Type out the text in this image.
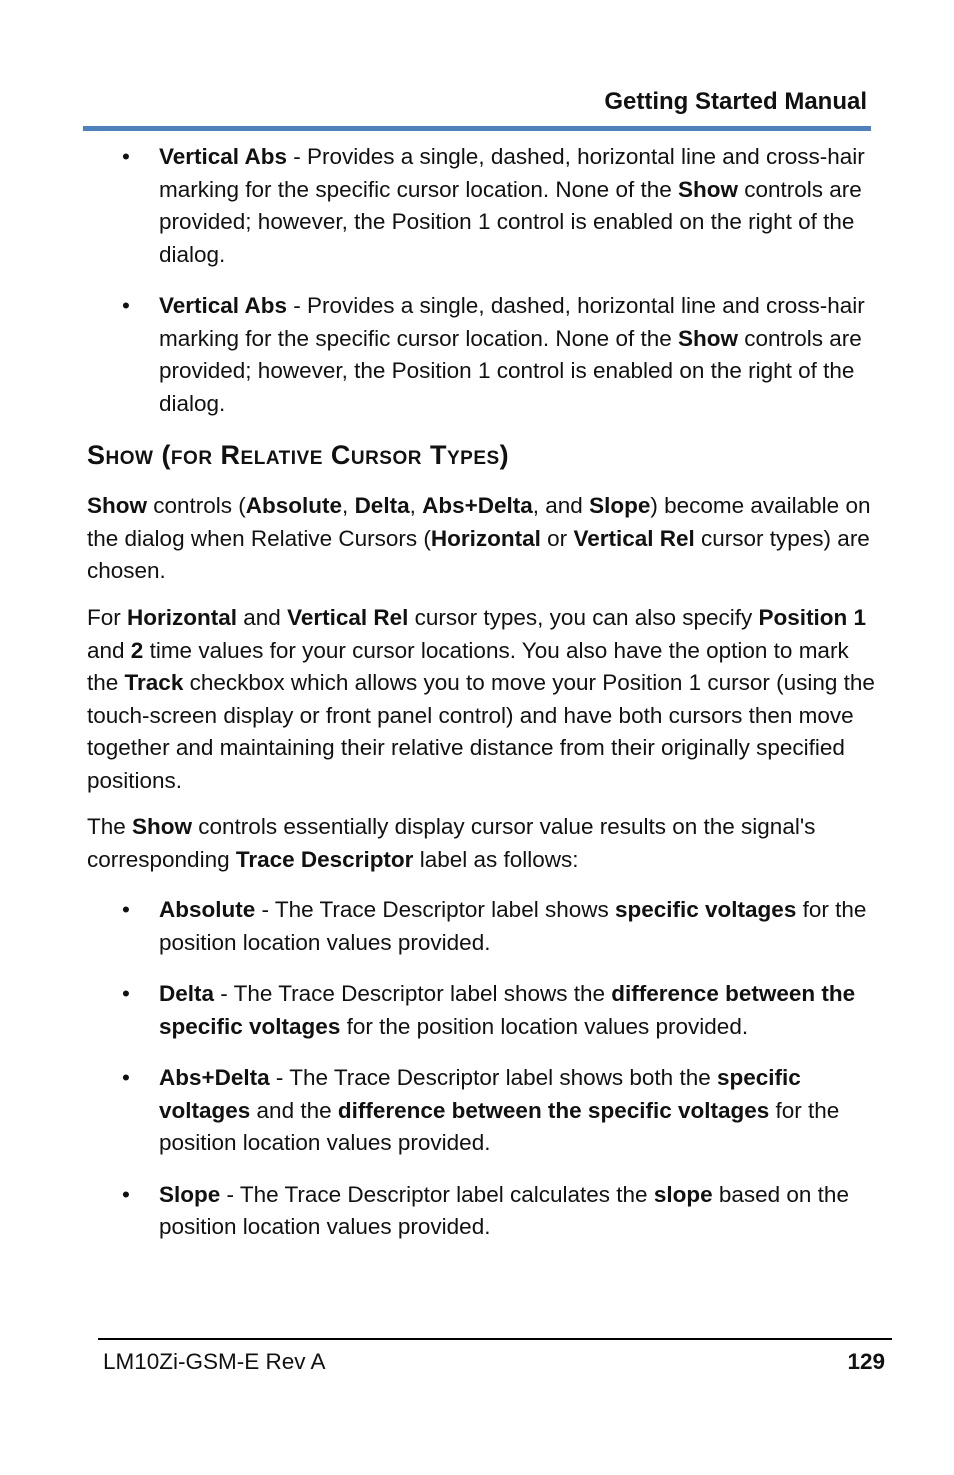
Getting Started Manual
• Vertical Abs - Provides a single, dashed, horizontal line and cross-hair marking for the specific cursor location. None of the Show controls are provided; however, the Position 1 control is enabled on the right of the dialog.
• Vertical Abs - Provides a single, dashed, horizontal line and cross-hair marking for the specific cursor location. None of the Show controls are provided; however, the Position 1 control is enabled on the right of the dialog.
Show (for Relative Cursor Types)

Show controls (Absolute, Delta, Abs+Delta, and Slope) become available on the dialog when Relative Cursors (Horizontal or Vertical Rel cursor types) are chosen.

For Horizontal and Vertical Rel cursor types, you can also specify Position 1 and 2 time values for your cursor locations. You also have the option to mark the Track checkbox which allows you to move your Position 1 cursor (using the touch-screen display or front panel control) and have both cursors then move together and maintaining their relative distance from their originally specified positions.

The Show controls essentially display cursor value results on the signal's corresponding Trace Descriptor label as follows:

• Absolute - The Trace Descriptor label shows specific voltages for the position location values provided.
• Delta - The Trace Descriptor label shows the difference between the specific voltages for the position location values provided.
• Abs+Delta - The Trace Descriptor label shows both the specific voltages and the difference between the specific voltages for the position location values provided.
• Slope - The Trace Descriptor label calculates the slope based on the position location values provided.
LM10Zi-GSM-E Rev A	129
